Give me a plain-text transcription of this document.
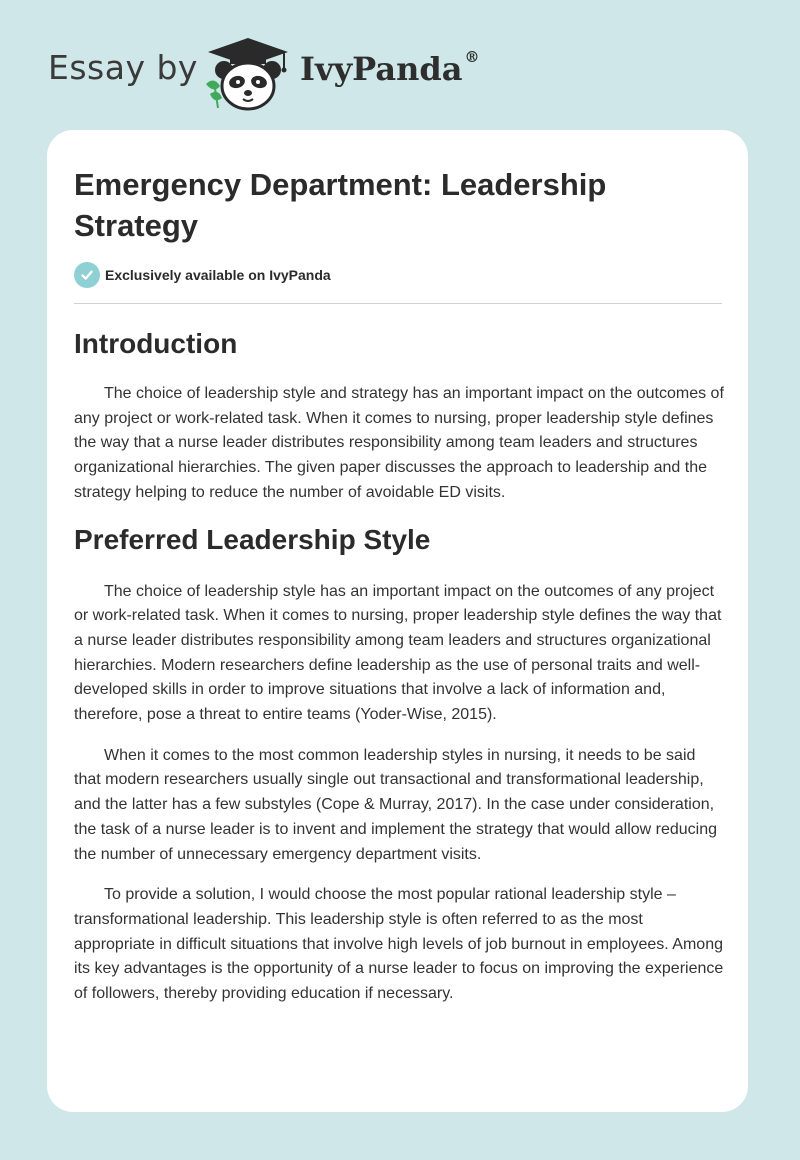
Essay by	IvyPanda ®
Emergency Department: Leadership Strategy
Exclusively available on IvyPanda
Introduction

The choice of leadership style and strategy has an important impact on the outcomes of any project or work-related task. When it comes to nursing, proper leadership style defines the way that a nurse leader distributes responsibility among team leaders and structures organizational hierarchies. The given paper discusses the approach to leadership and the strategy helping to reduce the number of avoidable ED visits.

Preferred Leadership Style

The choice of leadership style has an important impact on the outcomes of any project or work-related task. When it comes to nursing, proper leadership style defines the way that a nurse leader distributes responsibility among team leaders and structures organizational hierarchies. Modern researchers define leadership as the use of personal traits and well-developed skills in order to improve situations that involve a lack of information and, therefore, pose a threat to entire teams (Yoder-Wise, 2015).

When it comes to the most common leadership styles in nursing, it needs to be said that modern researchers usually single out transactional and transformational leadership, and the latter has a few substyles (Cope & Murray, 2017). In the case under consideration, the task of a nurse leader is to invent and implement the strategy that would allow reducing the number of unnecessary emergency department visits.

To provide a solution, I would choose the most popular rational leadership style – transformational leadership. This leadership style is often referred to as the most appropriate in difficult situations that involve high levels of job burnout in employees. Among its key advantages is the opportunity of a nurse leader to focus on improving the experience of followers, thereby providing education if necessary.
